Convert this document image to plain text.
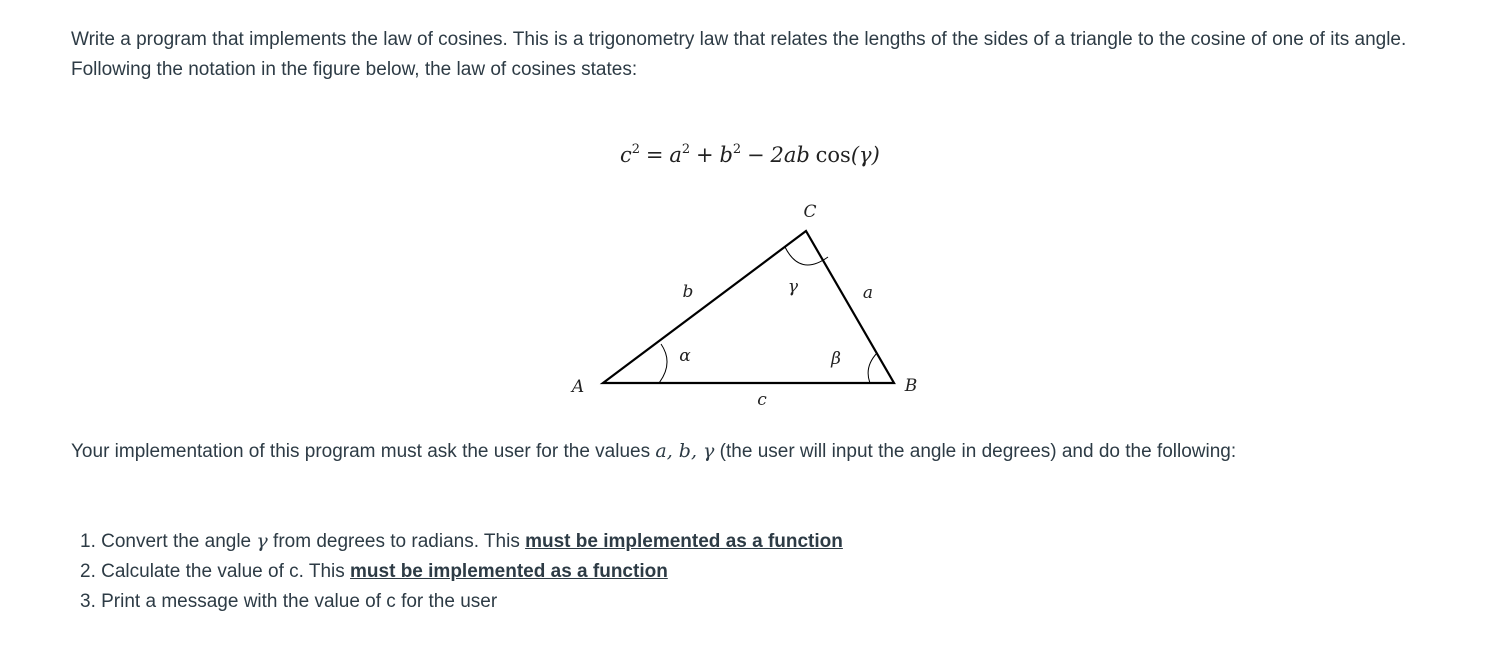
Write a program that implements the law of cosines. This is a trigonometry law that relates the lengths of the sides of a triangle to the cosine of one of its angle. Following the notation in the figure below, the law of cosines states:

$c^2 = a^2 + b^2 - 2ab$ cos(γ)
C
A	B
b	a
c
γ
α	β

Your implementation of this program must ask the user for the values a, b, γ (the user will input the angle in degrees) and do the following:

1. Convert the angle γ from degrees to radians. This must be implemented as a function
2. Calculate the value of c. This must be implemented as a function
3. Print a message with the value of c for the user
